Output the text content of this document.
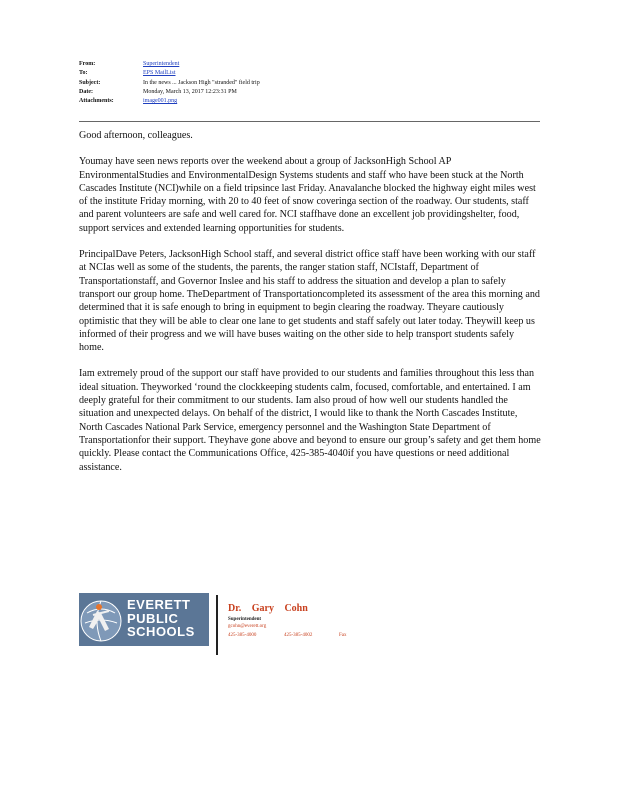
From:	Superintendent
To:	EPS MailList
Subject:	In the news ... Jackson High "stranded" field trip
Date:	Monday, March 13, 2017 12:23:31 PM
Attachments:	image001.png

Good afternoon, colleagues.

Youmay have seen news reports over the weekend about a group of JacksonHigh School AP EnvironmentalStudies and EnvironmentalDesign Systems students and staff who have been stuck at the North Cascades Institute (NCI)while on a field tripsince last Friday. Anavalanche blocked the highway eight miles west of the institute Friday morning, with 20 to 40 feet of snow coveringa section of the roadway. Our students, staff and parent volunteers are safe and well cared for. NCI staffhave done an excellent job providingshelter, food, support services and extended learning opportunities for students.

PrincipalDave Peters, JacksonHigh School staff, and several district office staff have been working with our staff at NCIas well as some of the students, the parents, the ranger station staff, NCIstaff, Department of Transportationstaff, and Governor Inslee and his staff to address the situation and develop a plan to safely transport our group home. TheDepartment of Transportationcompleted its assessment of the area this morning and determined that it is safe enough to bring in equipment to begin clearing the roadway. Theyare cautiously optimistic that they will be able to clear one lane to get students and staff safely out later today. Theywill keep us informed of their progress and we will have buses waiting on the other side to help transport students safely home.

Iam extremely proud of the support our staff have provided to our students and families throughout this less than ideal situation. Theyworked ‘round the clockkeeping students calm, focused, comfortable, and entertained. I am deeply grateful for their commitment to our students. Iam also proud of how well our students handled the situation and unexpected delays. On behalf of the district, I would like to thank the North Cascades Institute, North Cascades National Park Service, emergency personnel and the Washington State Department of Transportationfor their support. Theyhave gone above and beyond to ensure our group’s safety and get them home quickly. Please contact the Communications Office, 425-385-4040if you have questions or need additional assistance.

EVERETT
PUBLIC
SCHOOLS
Dr. Gary Cohn
Superintendent
gcohn@everett.org
425-385-4000	425-385-4002	Fax
